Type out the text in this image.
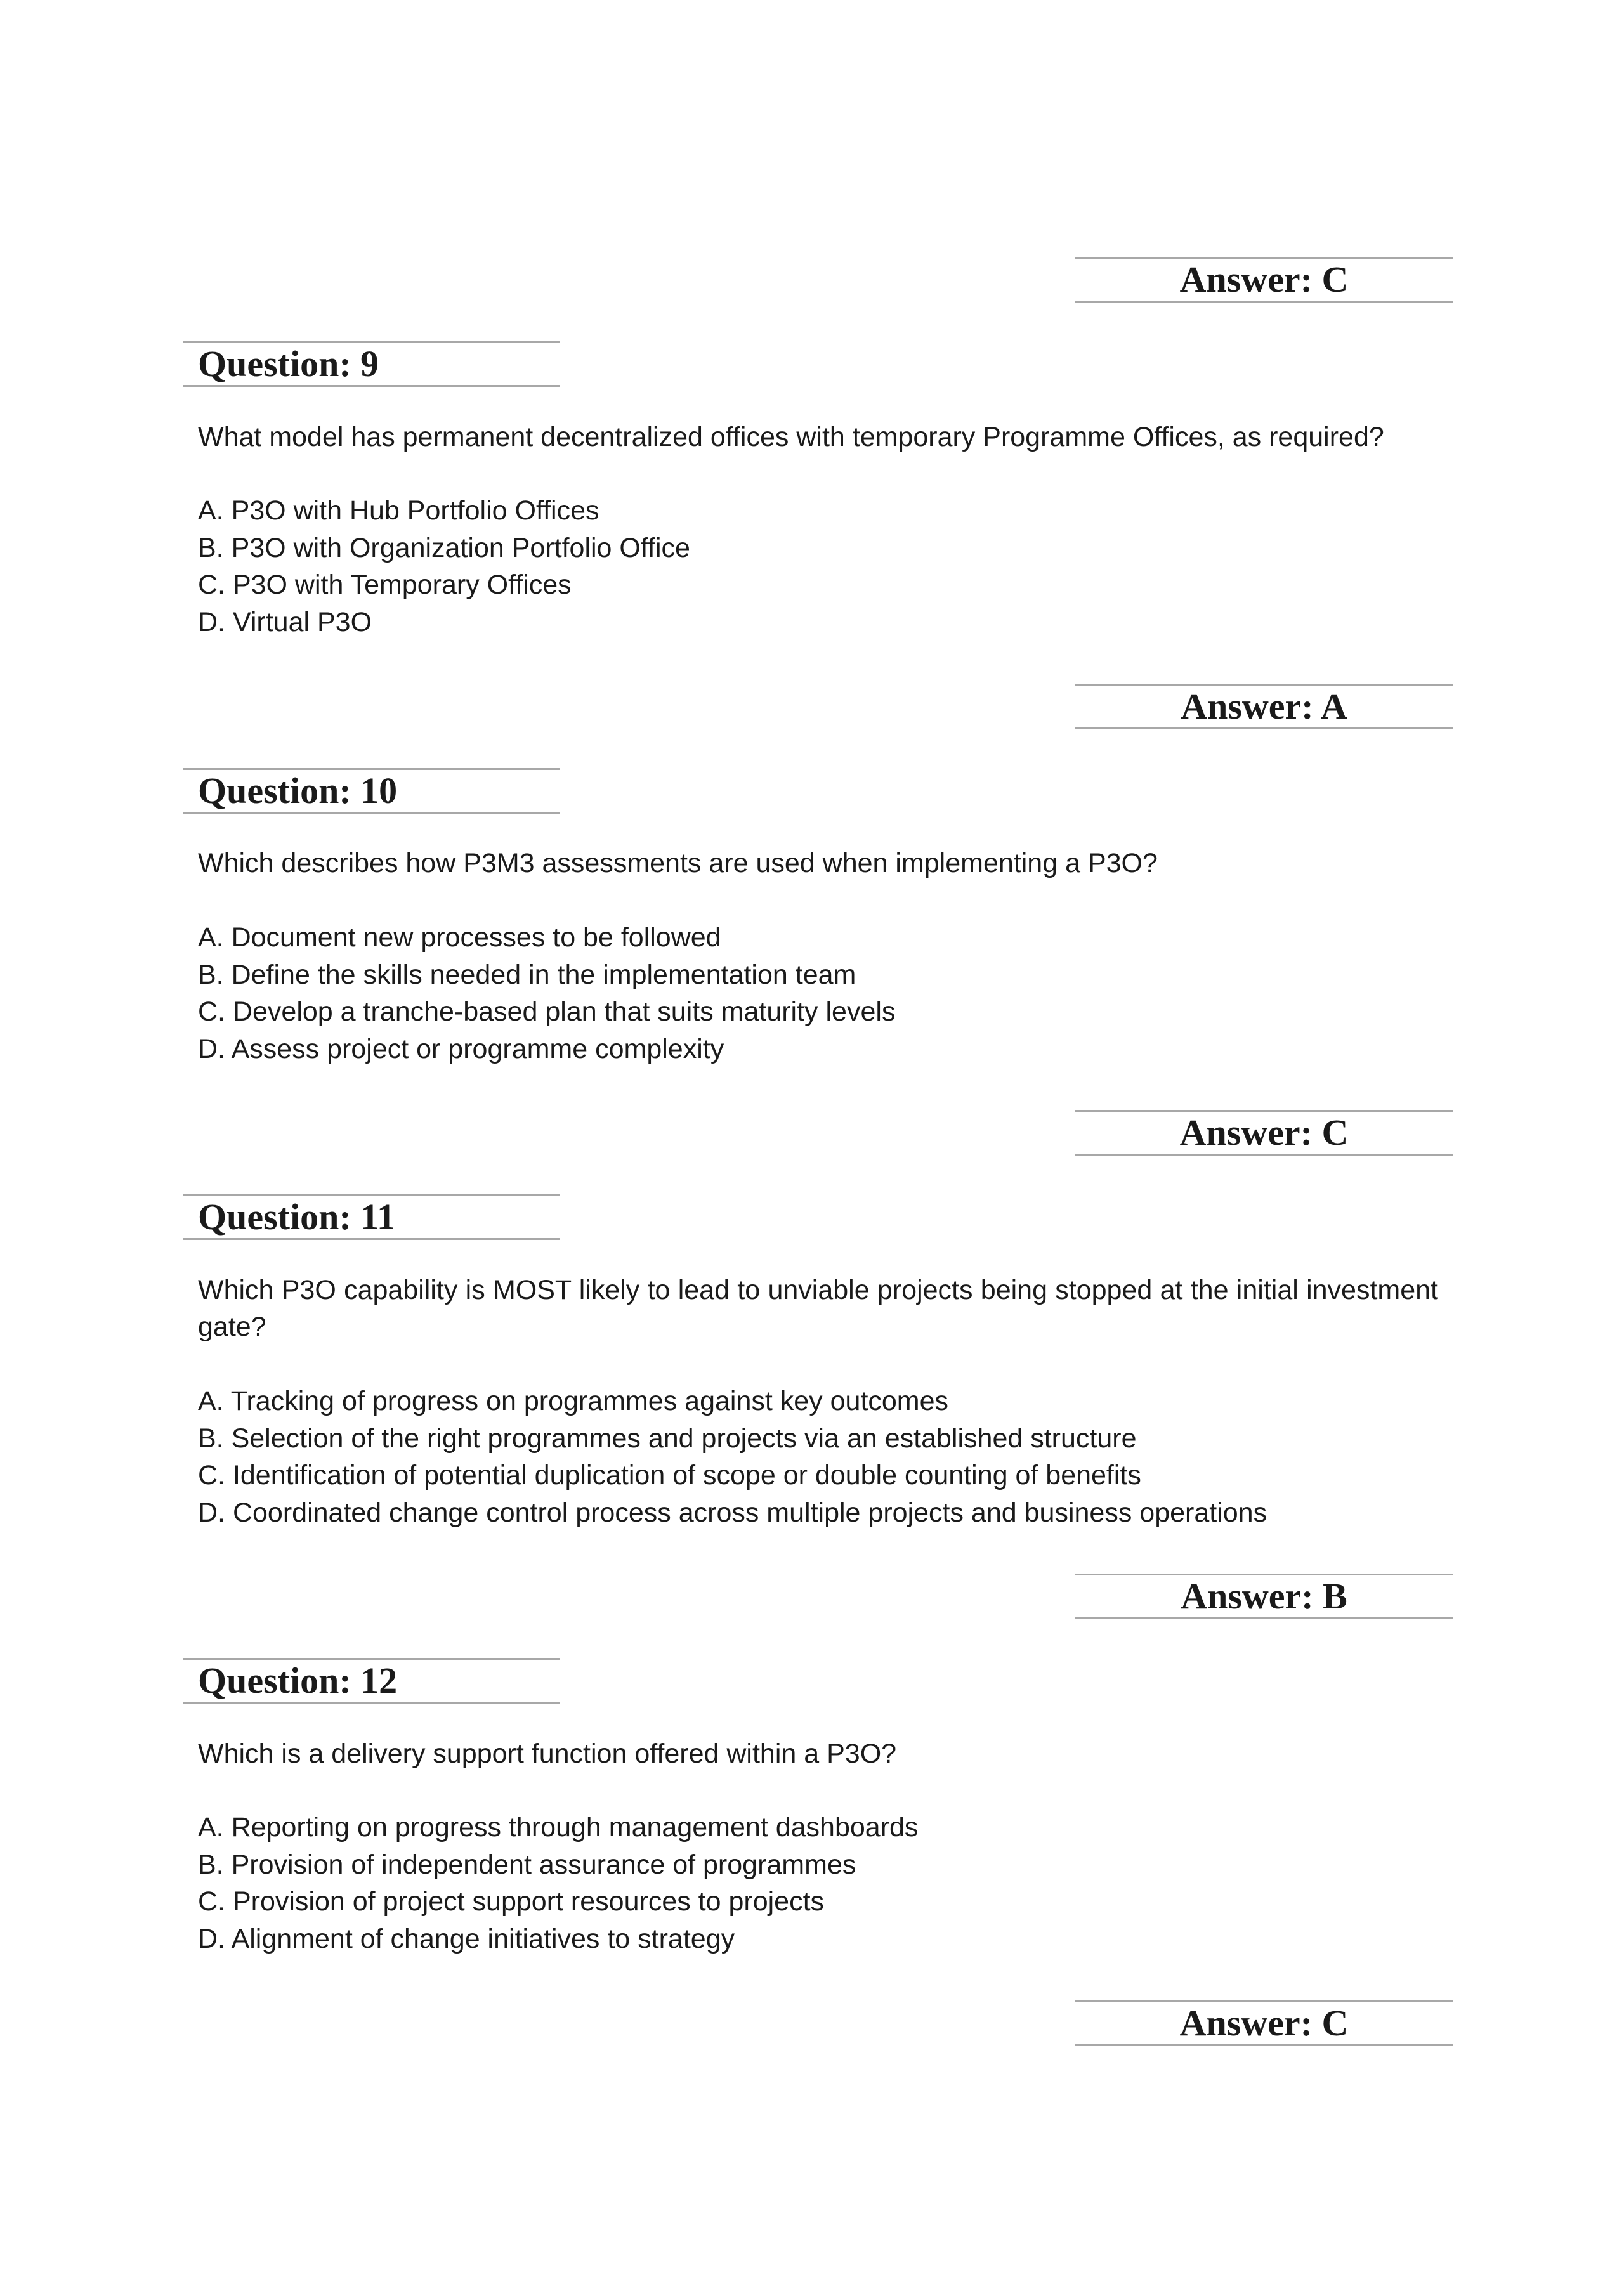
Answer: C
Question: 9

What model has permanent decentralized offices with temporary Programme Offices, as required?

A. P3O with Hub Portfolio Offices
B. P3O with Organization Portfolio Office
C. P3O with Temporary Offices
D. Virtual P3O
Answer: A
Question: 10

Which describes how P3M3 assessments are used when implementing a P3O?

A. Document new processes to be followed
B. Define the skills needed in the implementation team
C. Develop a tranche-based plan that suits maturity levels
D. Assess project or programme complexity
Answer: C
Question: 11

Which P3O capability is MOST likely to lead to unviable projects being stopped at the initial investment gate?

A. Tracking of progress on programmes against key outcomes
B. Selection of the right programmes and projects via an established structure
C. Identification of potential duplication of scope or double counting of benefits
D. Coordinated change control process across multiple projects and business operations
Answer: B
Question: 12

Which is a delivery support function offered within a P3O?

A. Reporting on progress through management dashboards
B. Provision of independent assurance of programmes
C. Provision of project support resources to projects
D. Alignment of change initiatives to strategy
Answer: C
